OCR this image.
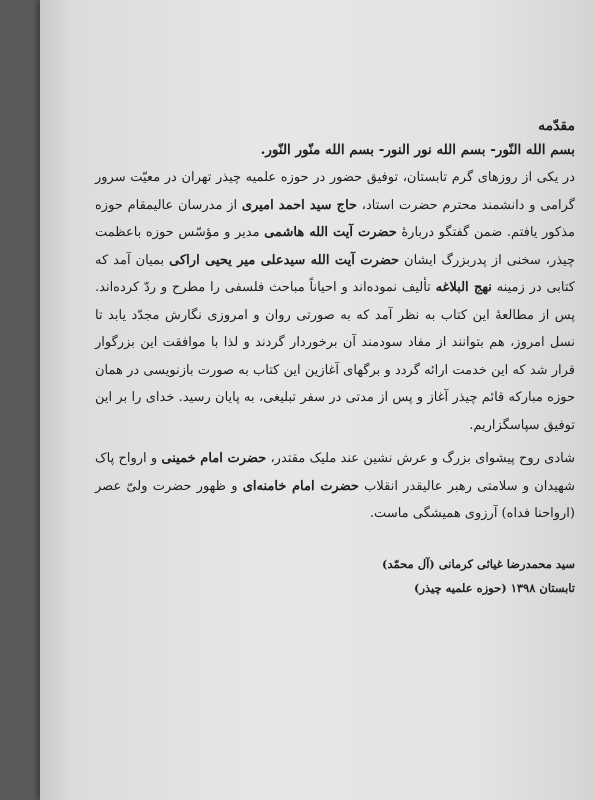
مقدّمه
بسم الله النّور- بسم الله نور النور- بسم الله منّور النّور.

در یکی از روزهای گرم تابستان، توفیق حضور در حوزه علمیه چیذر تهران در معیّت سرور گرامی و دانشمند محترم حضرت استاد، حاج سید احمد امیری از مدرسان عالیمقام حوزه مذکور یافتم. ضمن گفتگو دربارهٔ حضرت آیت الله هاشمی مدیر و مؤسّس حوزه باعظمت چیذر، سخنی از پدربزرگ ایشان حضرت آیت الله سیدعلی میر یحیی اراکی بمیان آمد که کتابی در زمینه نهج البلاغه تألیف نموده‌اند و احیاناً مباحث فلسفی را مطرح و ردّ کرده‌اند. پس از مطالعهٔ این کتاب به نظر آمد که به صورتی روان و امروزی نگارش مجدّد یابد تا نسل امروز، هم بتوانند از مفاد سودمند آن برخوردار گردند و لذا با موافقت این بزرگوار قرار شد که این خدمت ارائه گردد و برگهای آغازین این کتاب به صورت بازنویسی در همان حوزه مبارکه قائم چیذر آغاز و پس از مدتی در سفر تبلیغی، به پایان رسید. خدای را بر این توفیق سپاسگزاریم.

شادی روح پیشوای بزرگ و عرش نشین عند ملیک مقتدر، حضرت امام خمینی و ارواح پاک شهیدان و سلامتی رهبر عالیقدر انقلاب حضرت امام خامنه‌ای و ظهور حضرت ولیّ عصر (ارواحنا فداه) آرزوی همیشگی ماست.

سید محمدرضا غیاثی کرمانی (آل محمّد)
تابستان ۱۳۹۸ (حوزه علمیه چیذر)
